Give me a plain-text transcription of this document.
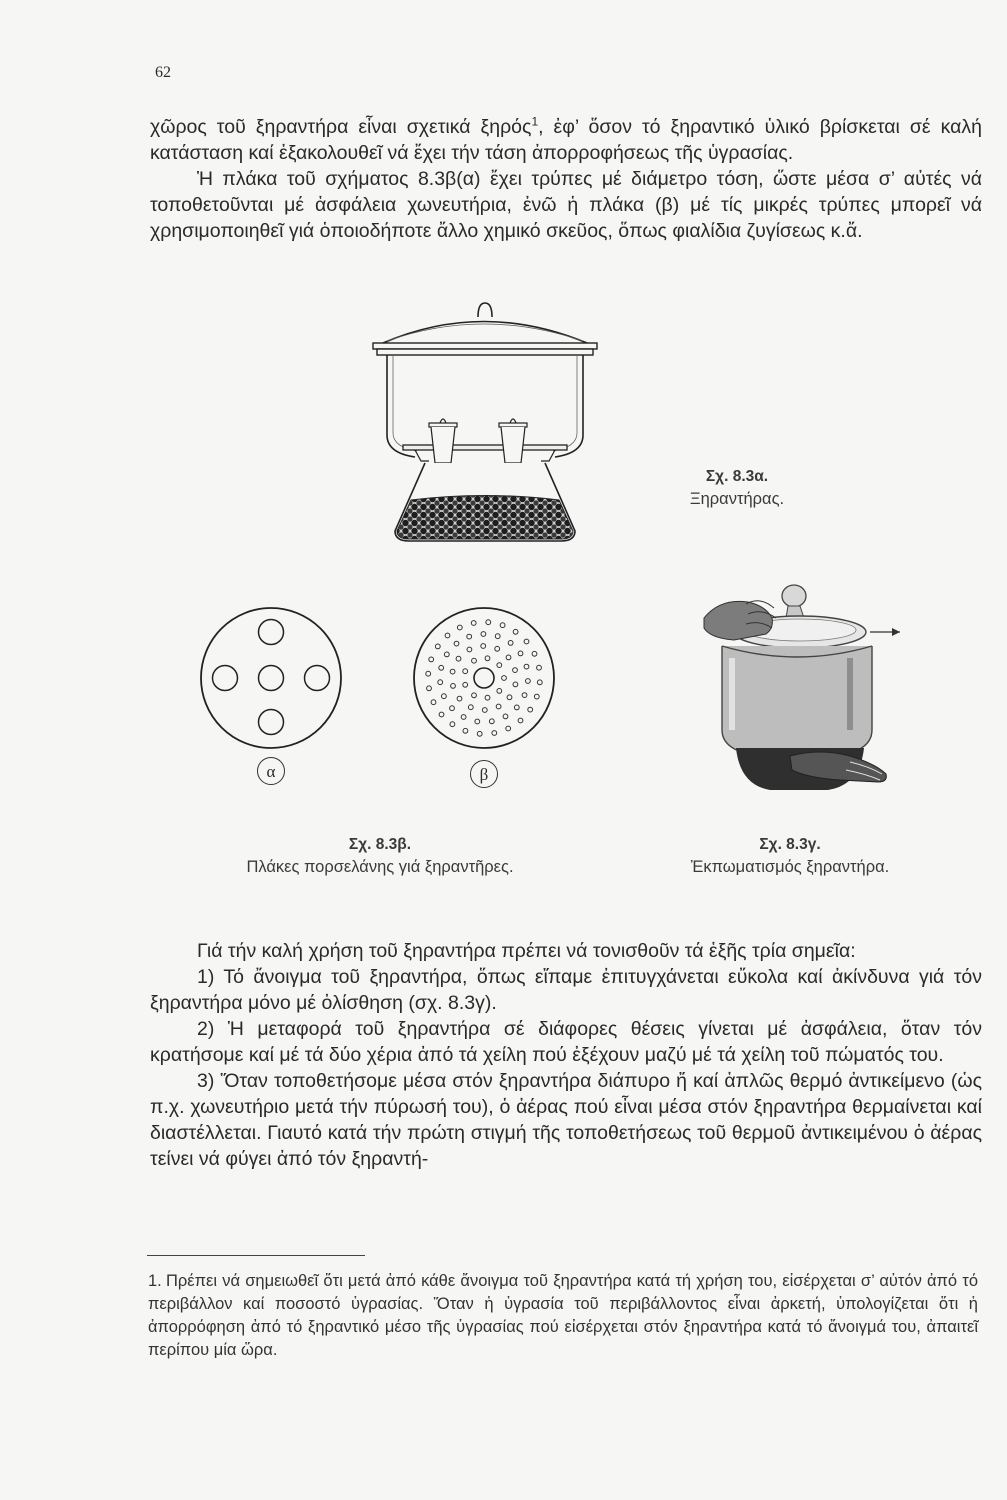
62

χῶρος τοῦ ξηραντήρα εἶναι σχετικά ξηρός$^1$, ἐφ’ ὅσον τό ξηραντικό ὑλικό βρίσκεται σέ καλή κατάσταση καί ἐξακολουθεῖ νά ἔχει τήν τάση ἀπορροφήσεως τῆς ὑγρασίας.

Ἡ πλάκα τοῦ σχήματος 8.3β(α) ἔχει τρύπες μέ διάμετρο τόση, ὥστε μέσα σ’ αὐτές νά τοποθετοῦνται μέ ἀσφάλεια χωνευτήρια, ἐνῶ ἡ πλάκα (β) μέ τίς μικρές τρύπες μπορεῖ νά χρησιμοποιηθεῖ γιά ὁποιοδήποτε ἄλλο χημικό σκεῦος, ὅπως φιαλίδια ζυγίσεως κ.ἄ.

Σχ. 8.3α.
Ξηραντήρας.
α	β
Σχ. 8.3β.
Πλάκες πορσελάνης γιά ξηραντῆρες.
Σχ. 8.3γ.
Ἐκπωματισμός ξηραντήρα.

Γιά τήν καλή χρήση τοῦ ξηραντήρα πρέπει νά τονισθοῦν τά ἑξῆς τρία σημεῖα:

1) Τό ἄνοιγμα τοῦ ξηραντήρα, ὅπως εἴπαμε ἐπιτυγχάνεται εὔκολα καί ἀκίνδυνα γιά τόν ξηραντήρα μόνο μέ ὀλίσθηση (σχ. 8.3γ).

2) Ἡ μεταφορά τοῦ ξηραντήρα σέ διάφορες θέσεις γίνεται μέ ἀσφάλεια, ὅταν τόν κρατήσομε καί μέ τά δύο χέρια ἀπό τά χείλη πού ἐξέχουν μαζύ μέ τά χείλη τοῦ πώματός του.

3) Ὅταν τοποθετήσομε μέσα στόν ξηραντήρα διάπυρο ἤ καί ἁπλῶς θερμό ἀντικείμενο (ὡς π.χ. χωνευτήριο μετά τήν πύρωσή του), ὁ ἀέρας πού εἶναι μέσα στόν ξηραντήρα θερμαίνεται καί διαστέλλεται. Γιαυτό κατά τήν πρώτη στιγμή τῆς τοποθετήσεως τοῦ θερμοῦ ἀντικειμένου ὁ ἀέρας τείνει νά φύγει ἀπό τόν ξηραντή-

1. Πρέπει νά σημειωθεῖ ὅτι μετά ἀπό κάθε ἄνοιγμα τοῦ ξηραντήρα κατά τή χρήση του, εἰσέρχεται σ’ αὐτόν ἀπό τό περιβάλλον καί ποσοστό ὑγρασίας. Ὅταν ἡ ὑγρασία τοῦ περιβάλλοντος εἶναι ἀρκετή, ὑπολογίζεται ὅτι ἡ ἀπορρόφηση ἀπό τό ξηραντικό μέσο τῆς ὑγρασίας πού εἰσέρχεται στόν ξηραντήρα κατά τό ἄνοιγμά του, ἀπαιτεῖ περίπου μία ὥρα.
